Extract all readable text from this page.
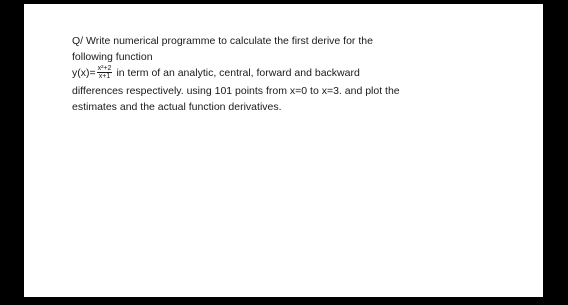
Q/ Write numerical programme to calculate the first derive for the
following function
$y(x)= \frac{\text{x²+2}}{x+1}$ in term of an analytic, central, forward and backward
differences respectively. using 101 points from x=0 to x=3. and plot the
estimates and the actual function derivatives.
